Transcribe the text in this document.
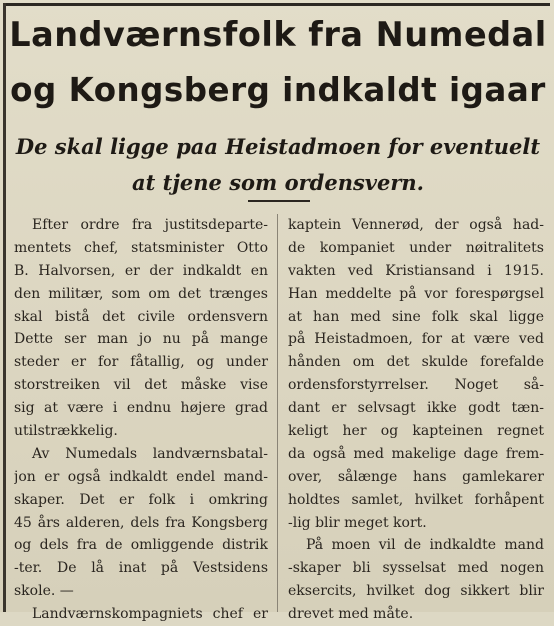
Landværnsfolk fra Numedal
og Kongsberg indkaldt igaar
De skal ligge paa Heistadmoen for eventuelt
at tjene som ordensvern.
Efter ordre fra justitsdeparte-
mentets chef, statsminister Otto
B. Halvorsen, er der indkaldt en
den militær, som om det trænges
skal bistå det civile ordensvern
Dette ser man jo nu på mange
steder er for fåtallig, og under
storstreiken vil det måske vise
sig at være i endnu højere grad
utilstrækkelig.
Av Numedals landværnsbatal-
jon er også indkaldt endel mand-
skaper. Det er folk i omkring
45 års alderen, dels fra Kongsberg
og dels fra de omliggende distrik
-ter. De lå inat på Vestsidens
skole. —
Landværnskompagniets chef er
kaptein Vennerød, der også had-
de kompaniet under nøitralitets
vakten ved Kristiansand i 1915.
Han meddelte på vor forespørgsel
at han med sine folk skal ligge
på Heistadmoen, for at være ved
hånden om det skulde forefalde
ordensforstyrrelser. Noget så-
dant er selvsagt ikke godt tæn-
keligt her og kapteinen regnet
da også med makelige dage frem-
over, sålænge hans gamlekarer
holdtes samlet, hvilket forhåpent
-lig blir meget kort.
På moen vil de indkaldte mand
-skaper bli sysselsat med nogen
eksercits, hvilket dog sikkert blir
drevet med måte.
